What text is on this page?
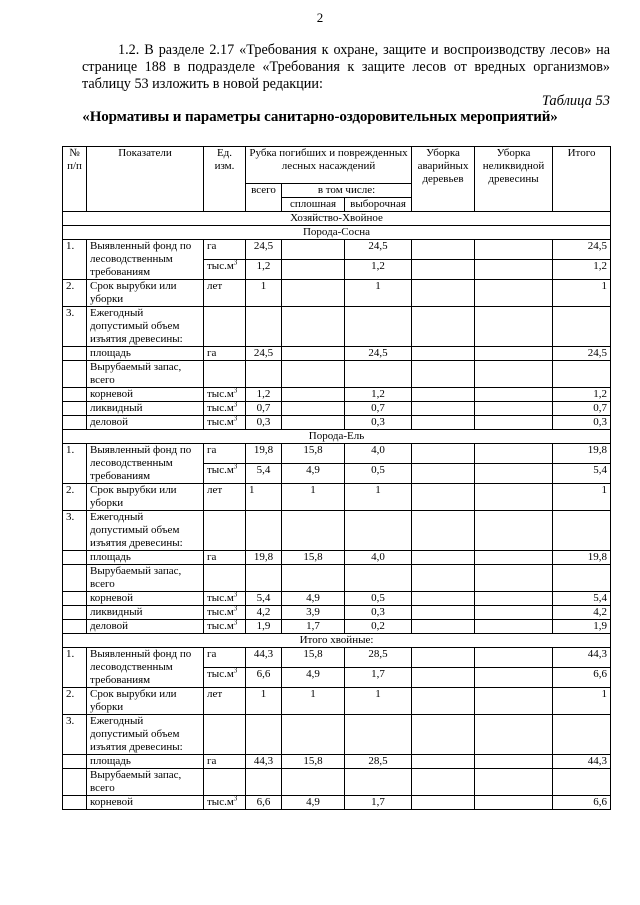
2
1.2. В разделе 2.17 «Требования к охране, защите и воспроизводству лесов» на странице 188 в подразделе «Требования к защите лесов от вредных организмов» таблицу 53 изложить в новой редакции:
Таблица 53
«Нормативы и параметры санитарно-оздоровительных мероприятий»
№ п/п	Показатели	Ед. изм.	Рубка погибших и поврежденных лесных насаждений			Уборка аварийных деревьев	Уборка неликвидной древесины	Итого
			всего	в том числе:				
				сплошная	выборочная			
Хозяйство-Хвойное								
Порода-Сосна								
1.	Выявленный фонд по лесоводственным требованиям	га	24,5		24,5			24,5
		$тыс.м^3$	1,2		1,2			1,2
2.	Срок вырубки или уборки	лет	1		1			1
3.	Ежегодный допустимый объем изъятия древесины:							
	площадь	га	24,5		24,5			24,5
	Вырубаемый запас, всего							
	корневой	$тыс.м^3$	1,2		1,2			1,2
	ликвидный	$тыс.м^3$	0,7		0,7			0,7
	деловой	$тыс.м^3$	0,3		0,3			0,3
Порода-Ель								
1.	Выявленный фонд по лесоводственным требованиям	га	19,8	15,8	4,0			19,8
		$тыс.м^3$	5,4	4,9	0,5			5,4
2.	Срок вырубки или уборки	лет	1	1	1			1
3.	Ежегодный допустимый объем изъятия древесины:							
	площадь	га	19,8	15,8	4,0			19,8
	Вырубаемый запас, всего							
	корневой	$тыс.м^3$	5,4	4,9	0,5			5,4
	ликвидный	$тыс.м^3$	4,2	3,9	0,3			4,2
	деловой	$тыс.м^3$	1,9	1,7	0,2			1,9
Итого хвойные:								
1.	Выявленный фонд по лесоводственным требованиям	га	44,3	15,8	28,5			44,3
		$тыс.м^3$	6,6	4,9	1,7			6,6
2.	Срок вырубки или уборки	лет	1	1	1			1
3.	Ежегодный допустимый объем изъятия древесины:							
	площадь	га	44,3	15,8	28,5			44,3
	Вырубаемый запас, всего							
	корневой	$тыс.м^3$	6,6	4,9	1,7			6,6
